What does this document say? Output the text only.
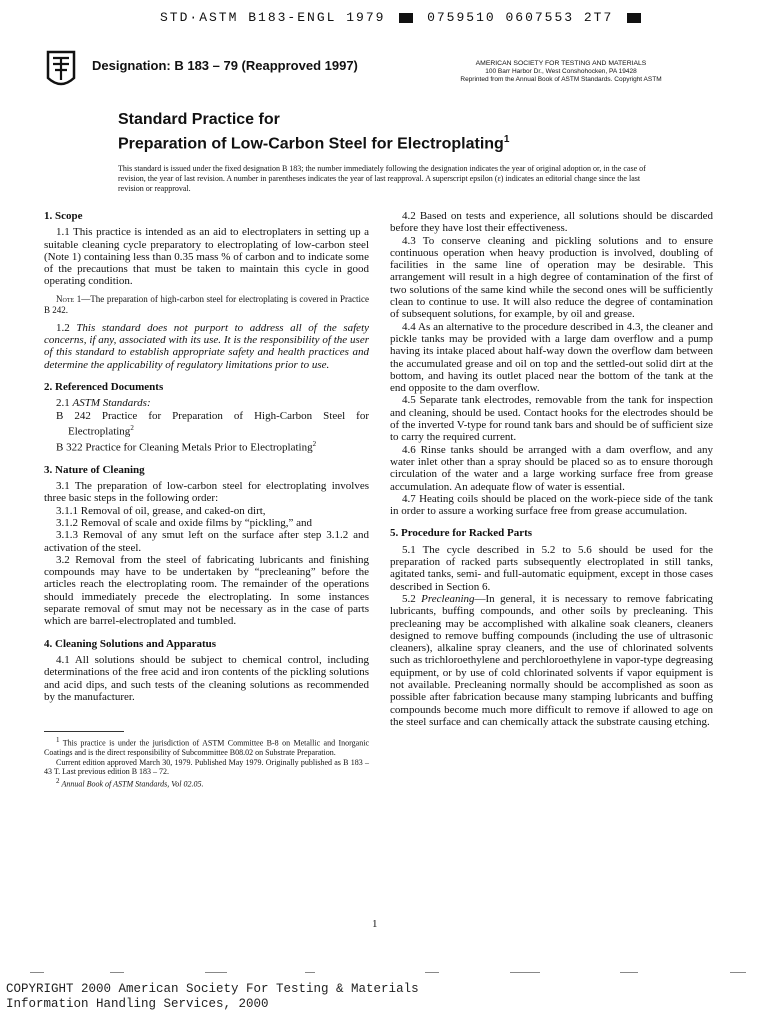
STD·ASTM B183-ENGL 1979	0759510 0607553 2T7
Designation: B 183 – 79 (Reapproved 1997)	AMERICAN SOCIETY FOR TESTING AND MATERIALS
100 Barr Harbor Dr., West Conshohocken, PA 19428
Reprinted from the Annual Book of ASTM Standards. Copyright ASTM
Standard Practice for
Preparation of Low-Carbon Steel for Electroplating$^1$
This standard is issued under the fixed designation B 183; the number immediately following the designation indicates the year of original adoption or, in the case of revision, the year of last revision. A number in parentheses indicates the year of last reapproval. A superscript epsilon (ε) indicates an editorial change since the last revision or reapproval.
1. Scope

1.1 This practice is intended as an aid to electroplaters in setting up a suitable cleaning cycle preparatory to electroplating of low-carbon steel (Note 1) containing less than 0.35 mass % of carbon and to indicate some of the precautions that must be taken to maintain this cycle in good operating condition.

Note 1—The preparation of high-carbon steel for electroplating is covered in Practice B 242.

1.2 This standard does not purport to address all of the safety concerns, if any, associated with its use. It is the responsibility of the user of this standard to establish appropriate safety and health practices and determine the applicability of regulatory limitations prior to use.

2. Referenced Documents

2.1 ASTM Standards:

B 242 Practice for Preparation of High-Carbon Steel for Electroplating$^2$

B 322 Practice for Cleaning Metals Prior to Electroplating$^2$

3. Nature of Cleaning

3.1 The preparation of low-carbon steel for electroplating involves three basic steps in the following order:

3.1.1 Removal of oil, grease, and caked-on dirt,

3.1.2 Removal of scale and oxide films by “pickling,” and

3.1.3 Removal of any smut left on the surface after step 3.1.2 and activation of the steel.

3.2 Removal from the steel of fabricating lubricants and finishing compounds may have to be undertaken by “precleaning” before the articles reach the electroplating room. The remainder of the operations should immediately precede the electroplating. In some instances separate removal of smut may not be necessary as in the case of parts which are barrel-electroplated and tumbled.

4. Cleaning Solutions and Apparatus

4.1 All solutions should be subject to chemical control, including determinations of the free acid and iron contents of the pickling solutions and acid dips, and such tests of the cleaning solutions as recommended by the manufacturer.

$^1$ This practice is under the jurisdiction of ASTM Committee B-8 on Metallic and Inorganic Coatings and is the direct responsibility of Subcommittee B08.02 on Substrate Preparation.

Current edition approved March 30, 1979. Published May 1979. Originally published as B 183 – 43 T. Last previous edition B 183 – 72.

$^2$ Annual Book of ASTM Standards, Vol 02.05.

4.2 Based on tests and experience, all solutions should be discarded before they have lost their effectiveness.

4.3 To conserve cleaning and pickling solutions and to ensure continuous operation when heavy production is involved, doubling of facilities in the same line of operation may be desirable. This arrangement will result in a high degree of contamination of the first of two solutions of the same kind while the second ones will be sufficiently clean to continue to use. It will also reduce the degree of contamination of subsequent solutions, for example, by oil and grease.

4.4 As an alternative to the procedure described in 4.3, the cleaner and pickle tanks may be provided with a large dam overflow and a pump having its intake placed about half-way down the overflow dam between the accumulated grease and oil on top and the settled-out solid dirt at the bottom, and having its outlet placed near the bottom of the tank at the end opposite to the dam overflow.

4.5 Separate tank electrodes, removable from the tank for inspection and cleaning, should be used. Contact hooks for the electrodes should be of the inverted V-type for round tank bars and should be of sufficient size to carry the required current.

4.6 Rinse tanks should be arranged with a dam overflow, and any water inlet other than a spray should be placed so as to ensure thorough circulation of the water and a large working surface free from grease accumulation. An adequate flow of water is essential.

4.7 Heating coils should be placed on the work-piece side of the tank in order to assure a working surface free from grease accumulation.

5. Procedure for Racked Parts

5.1 The cycle described in 5.2 to 5.6 should be used for the preparation of racked parts subsequently electroplated in still tanks, agitated tanks, semi- and full-automatic equipment, except in those cases described in Section 6.

5.2 Precleaning—In general, it is necessary to remove fabricating lubricants, buffing compounds, and other soils by precleaning. This precleaning may be accomplished with alkaline soak cleaners, cleaners designed to remove buffing compounds (including the use of ultrasonic cleaners), alkaline spray cleaners, and the use of chlorinated solvents such as trichloroethylene and perchloroethylene in vapor-type degreasing equipment, or by use of cold chlorinated solvents if vapor equipment is not available. Precleaning normally should be accomplished as soon as possible after fabrication because many stamping lubricants and buffing compounds become much more difficult to remove if allowed to age on the steel surface and can chemically attack the substrate causing etching.

1
COPYRIGHT 2000 American Society For Testing & Materials
Information Handling Services, 2000
